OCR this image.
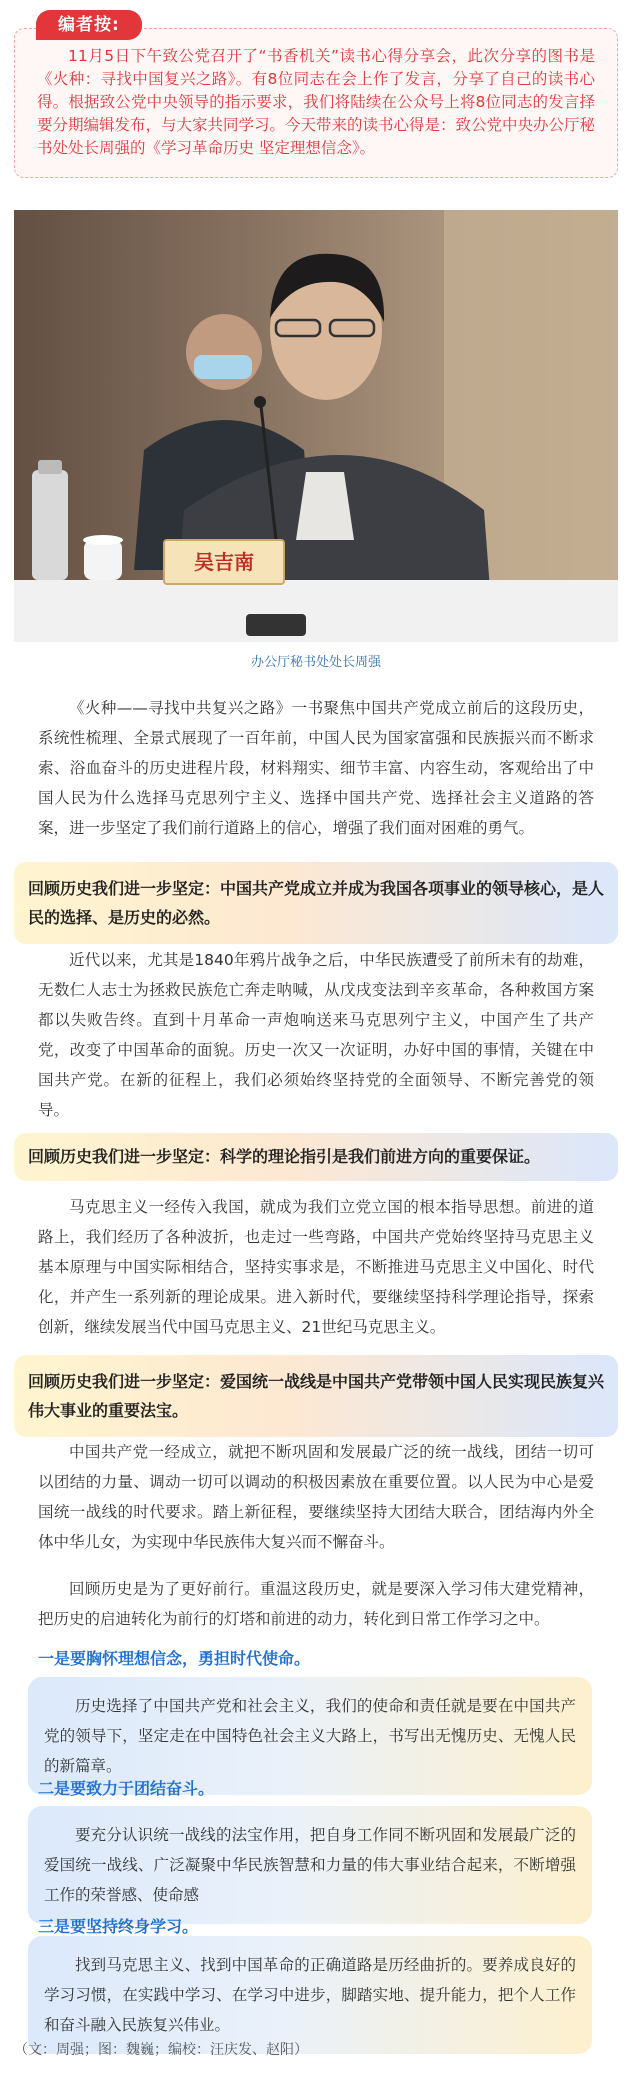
编者按:

11月5日下午致公党召开了“书香机关”读书心得分享会，此次分享的图书是《火种：寻找中国复兴之路》。有8位同志在会上作了发言，分享了自己的读书心得。根据致公党中央领导的指示要求，我们将陆续在公众号上将8位同志的发言择要分期编辑发布，与大家共同学习。今天带来的读书心得是：致公党中央办公厅秘书处处长周强的《学习革命历史 坚定理想信念》。

吴吉南
办公厅秘书处处长周强

《火种——寻找中共复兴之路》一书聚焦中国共产党成立前后的这段历史，系统性梳理、全景式展现了一百年前，中国人民为国家富强和民族振兴而不断求索、浴血奋斗的历史进程片段，材料翔实、细节丰富、内容生动，客观给出了中国人民为什么选择马克思列宁主义、选择中国共产党、选择社会主义道路的答案，进一步坚定了我们前行道路上的信心，增强了我们面对困难的勇气。

回顾历史我们进一步坚定：中国共产党成立并成为我国各项事业的领导核心，是人民的选择、是历史的必然。

近代以来，尤其是1840年鸦片战争之后，中华民族遭受了前所未有的劫难，无数仁人志士为拯救民族危亡奔走呐喊，从戊戌变法到辛亥革命，各种救国方案都以失败告终。直到十月革命一声炮响送来马克思列宁主义，中国产生了共产党，改变了中国革命的面貌。历史一次又一次证明，办好中国的事情，关键在中国共产党。在新的征程上，我们必须始终坚持党的全面领导、不断完善党的领导。

回顾历史我们进一步坚定：科学的理论指引是我们前进方向的重要保证。

马克思主义一经传入我国，就成为我们立党立国的根本指导思想。前进的道路上，我们经历了各种波折，也走过一些弯路，中国共产党始终坚持马克思主义基本原理与中国实际相结合，坚持实事求是，不断推进马克思主义中国化、时代化，并产生一系列新的理论成果。进入新时代，要继续坚持科学理论指导，探索创新，继续发展当代中国马克思主义、21世纪马克思主义。

回顾历史我们进一步坚定：爱国统一战线是中国共产党带领中国人民实现民族复兴伟大事业的重要法宝。

中国共产党一经成立，就把不断巩固和发展最广泛的统一战线，团结一切可以团结的力量、调动一切可以调动的积极因素放在重要位置。以人民为中心是爱国统一战线的时代要求。踏上新征程，要继续坚持大团结大联合，团结海内外全体中华儿女，为实现中华民族伟大复兴而不懈奋斗。

回顾历史是为了更好前行。重温这段历史，就是要深入学习伟大建党精神，把历史的启迪转化为前行的灯塔和前进的动力，转化到日常工作学习之中。

一是要胸怀理想信念，勇担时代使命。

历史选择了中国共产党和社会主义，我们的使命和责任就是要在中国共产党的领导下，坚定走在中国特色社会主义大路上，书写出无愧历史、无愧人民的新篇章。

二是要致力于团结奋斗。

要充分认识统一战线的法宝作用，把自身工作同不断巩固和发展最广泛的爱国统一战线、广泛凝聚中华民族智慧和力量的伟大事业结合起来，不断增强工作的荣誉感、使命感

三是要坚持终身学习。

找到马克思主义、找到中国革命的正确道路是历经曲折的。要养成良好的学习习惯，在实践中学习、在学习中进步，脚踏实地、提升能力，把个人工作和奋斗融入民族复兴伟业。

（文：周强；图：魏巍；编校：汪庆发、赵阳）
